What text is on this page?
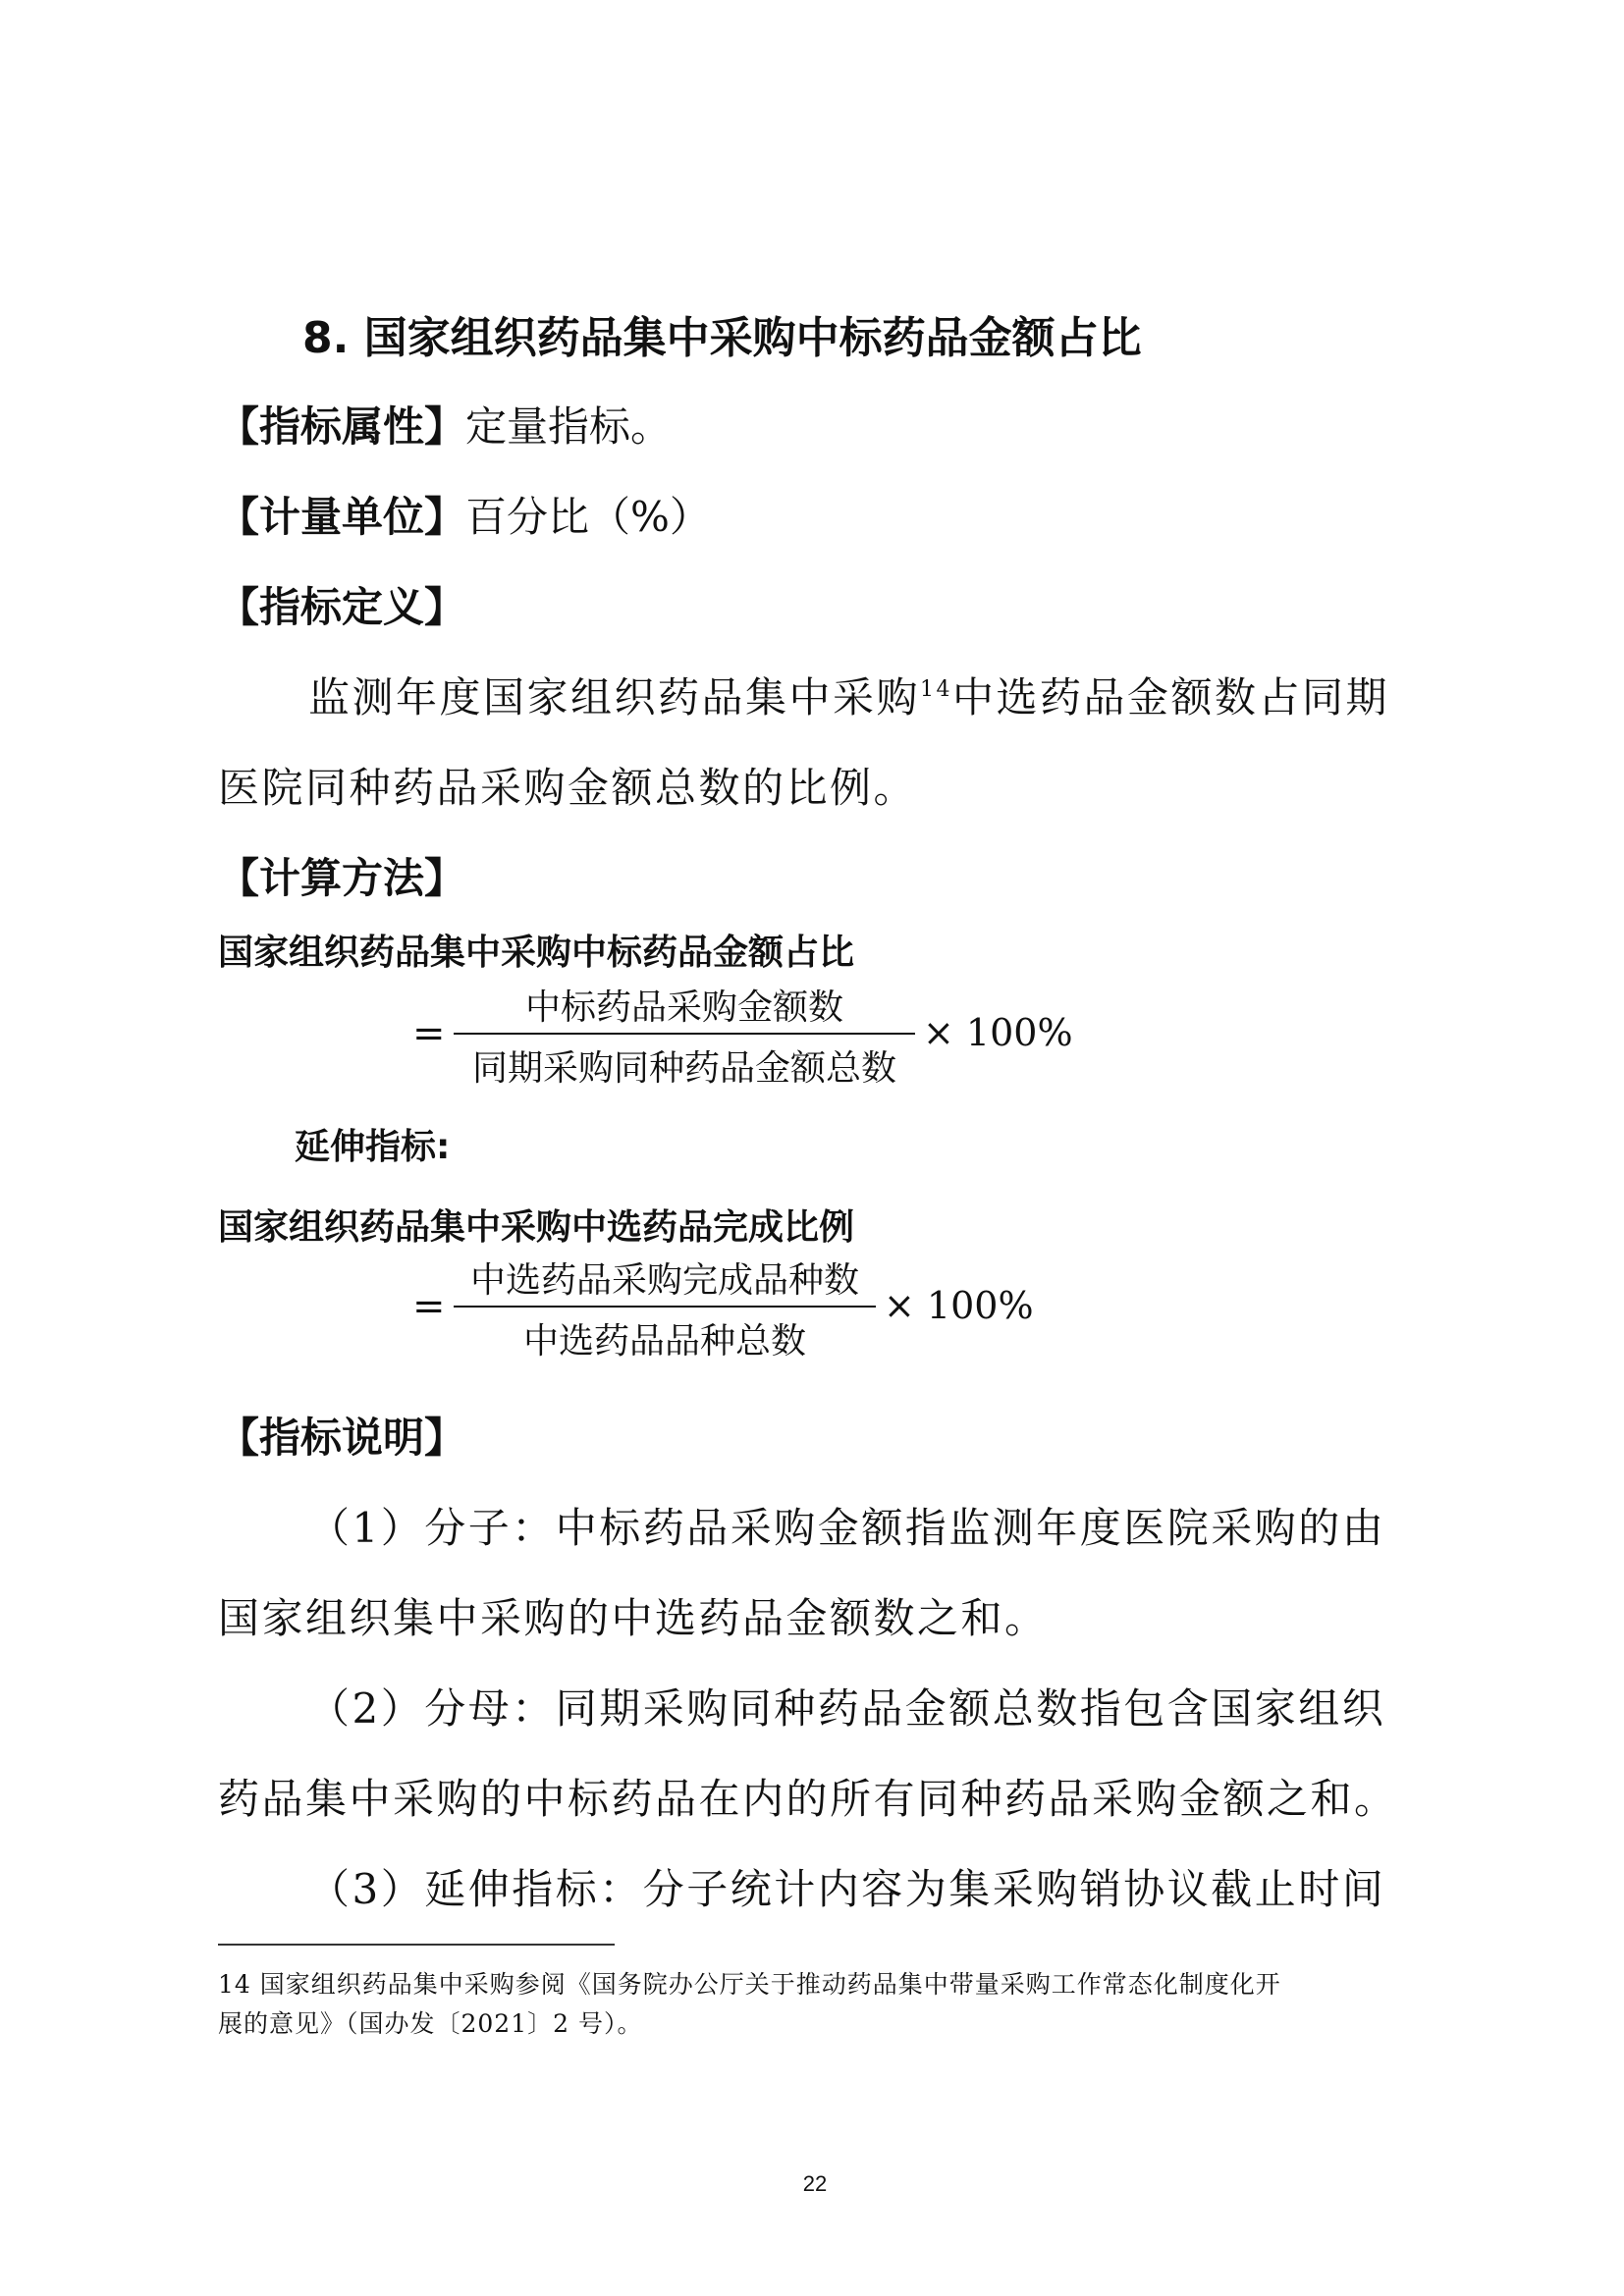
8. 国家组织药品集中采购中标药品金额占比
【指标属性】定量指标。
【计量单位】百分比（%）
【指标定义】
监测年度国家组织药品集中采购$^{14}$中选药品金额数占同期
医院同种药品采购金额总数的比例。
【计算方法】
国家组织药品集中采购中标药品金额占比
=
中标药品采购金额数
同期采购同种药品金额总数
× 100%
延伸指标:
国家组织药品集中采购中选药品完成比例
=
中选药品采购完成品种数
中选药品品种总数
× 100%
【指标说明】
（1）分子：中标药品采购金额指监测年度医院采购的由
国家组织集中采购的中选药品金额数之和。
（2）分母：同期采购同种药品金额总数指包含国家组织
药品集中采购的中标药品在内的所有同种药品采购金额之和。
（3）延伸指标：分子统计内容为集采购销协议截止时间
14 国家组织药品集中采购参阅《国务院办公厅关于推动药品集中带量采购工作常态化制度化开
展的意见》（国办发〔2021〕2 号）。
22
